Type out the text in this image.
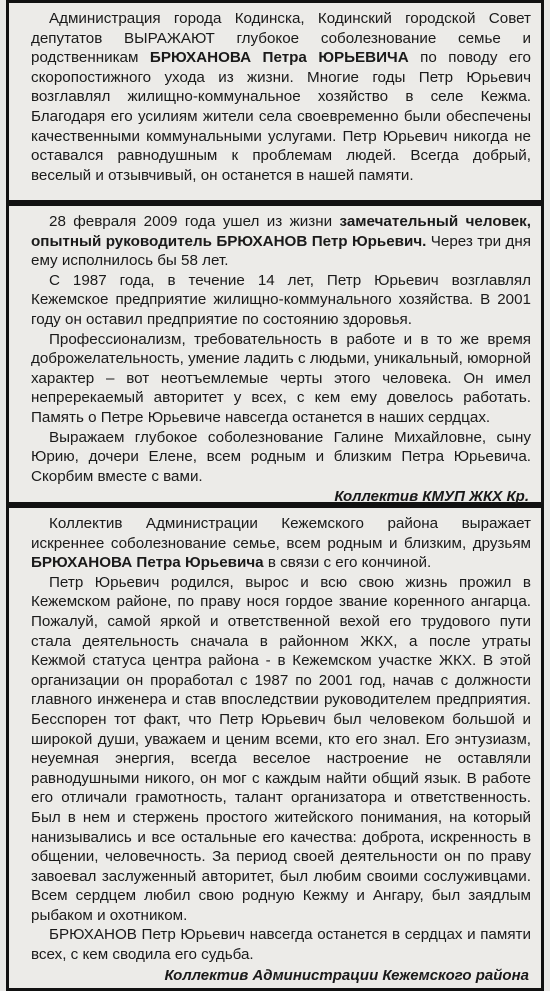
Администрация города Кодинска, Кодинский городской Совет депутатов ВЫРАЖАЮТ глубокое соболезнование семье и родственникам БРЮХАНОВА Петра ЮРЬЕВИЧА по поводу его скоропостижного ухода из жизни. Многие годы Петр Юрьевич возглавлял жилищно-коммунальное хозяйство в селе Кежма. Благодаря его усилиям жители села своевременно были обеспечены качественными коммунальными услугами. Петр Юрьевич никогда не оставался равнодушным к проблемам людей. Всегда добрый, веселый и отзывчивый, он останется в нашей памяти.

28 февраля 2009 года ушел из жизни замечательный человек, опытный руководитель БРЮХАНОВ Петр Юрьевич. Через три дня ему исполнилось бы 58 лет.

С 1987 года, в течение 14 лет, Петр Юрьевич возглавлял Кежемское предприятие жилищно-коммунального хозяйства. В 2001 году он оставил предприятие по состоянию здоровья.

Профессионализм, требовательность в работе и в то же время доброжелательность, умение ладить с людьми, уникальный, юморной характер – вот неотъемлемые черты этого человека. Он имел непререкаемый авторитет у всех, с кем ему довелось работать. Память о Петре Юрьевиче навсегда останется в наших сердцах.

Выражаем глубокое соболезнование Галине Михайловне, сыну Юрию, дочери Елене, всем родным и близким Петра Юрьевича. Скорбим вместе с вами.

Коллектив КМУП ЖКХ Кр.

Коллектив Администрации Кежемского района выражает искреннее соболезнование семье, всем родным и близким, друзьям БРЮХАНОВА Петра Юрьевича в связи с его кончиной.

Петр Юрьевич родился, вырос и всю свою жизнь прожил в Кежемском районе, по праву нося гордое звание коренного ангарца. Пожалуй, самой яркой и ответственной вехой его трудового пути стала деятельность сначала в районном ЖКХ, а после утраты Кежмой статуса центра района - в Кежемском участке ЖКХ. В этой организации он проработал с 1987 по 2001 год, начав с должности главного инженера и став впоследствии руководителем предприятия. Бесспорен тот факт, что Петр Юрьевич был человеком большой и широкой души, уважаем и ценим всеми, кто его знал. Его энтузиазм, неуемная энергия, всегда веселое настроение не оставляли равнодушными никого, он мог с каждым найти общий язык. В работе его отличали грамотность, талант организатора и ответственность. Был в нем и стержень простого житейского понимания, на который нанизывались и все остальные его качества: доброта, искренность в общении, человечность. За период своей деятельности он по праву завоевал заслуженный авторитет, был любим своими сослуживцами. Всем сердцем любил свою родную Кежму и Ангару, был заядлым рыбаком и охотником.

БРЮХАНОВ Петр Юрьевич навсегда останется в сердцах и памяти всех, с кем сводила его судьба.

Коллектив Администрации Кежемского района
